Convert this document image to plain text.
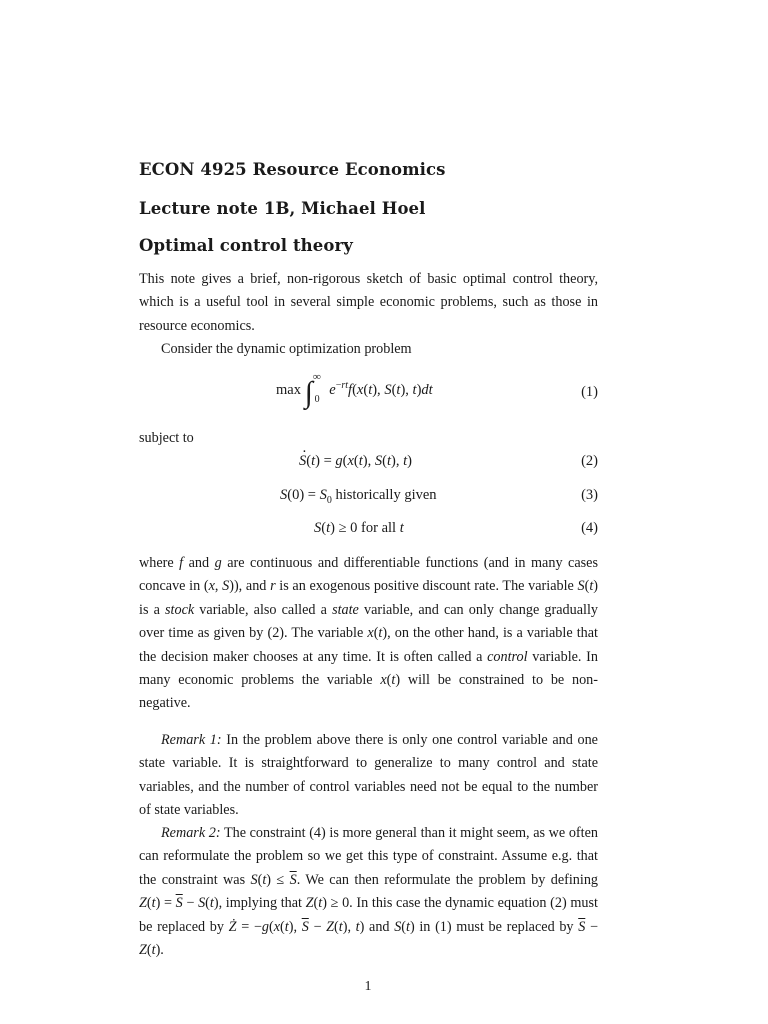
ECON 4925 Resource Economics
Lecture note 1B, Michael Hoel
Optimal control theory
This note gives a brief, non-rigorous sketch of basic optimal control theory, which is a useful tool in several simple economic problems, such as those in resource economics.
Consider the dynamic optimization problem
$\max \int^\infty_0$ $e^{-rt}f(x(t)$, S(t), t)dt	(1)
subject to
· S(t) = g(x(t), S(t), t)	(2)
$S(0) = S_0$ historically given	(3)
S(t) ≥ 0 for all t	(4)
where f and g are continuous and differentiable functions (and in many cases concave in (x, S)), and r is an exogenous positive discount rate. The variable S(t) is a stock variable, also called a state variable, and can only change gradually over time as given by (2). The variable x(t), on the other hand, is a variable that the decision maker chooses at any time. It is often called a control variable. In many economic problems the variable x(t) will be constrained to be non-negative.
Remark 1: In the problem above there is only one control variable and one state variable. It is straightforward to generalize to many control and state variables, and the number of control variables need not be equal to the number of state variables.
Remark 2: The constraint (4) is more general than it might seem, as we often can reformulate the problem so we get this type of constraint. Assume e.g. that the constraint was $S(t) \le \overline{S}$. We can then reformulate the problem by defining $Z(t) = \overline{S} - S(t)$, implying that Z(t) ≥ 0. In this case the dynamic equation (2) must be replaced by Ż = −g(x(t), $\overline{S} - Z(t)$, t) and S(t) in (1) must be replaced by $\overline{S} - Z(t)$.
1
